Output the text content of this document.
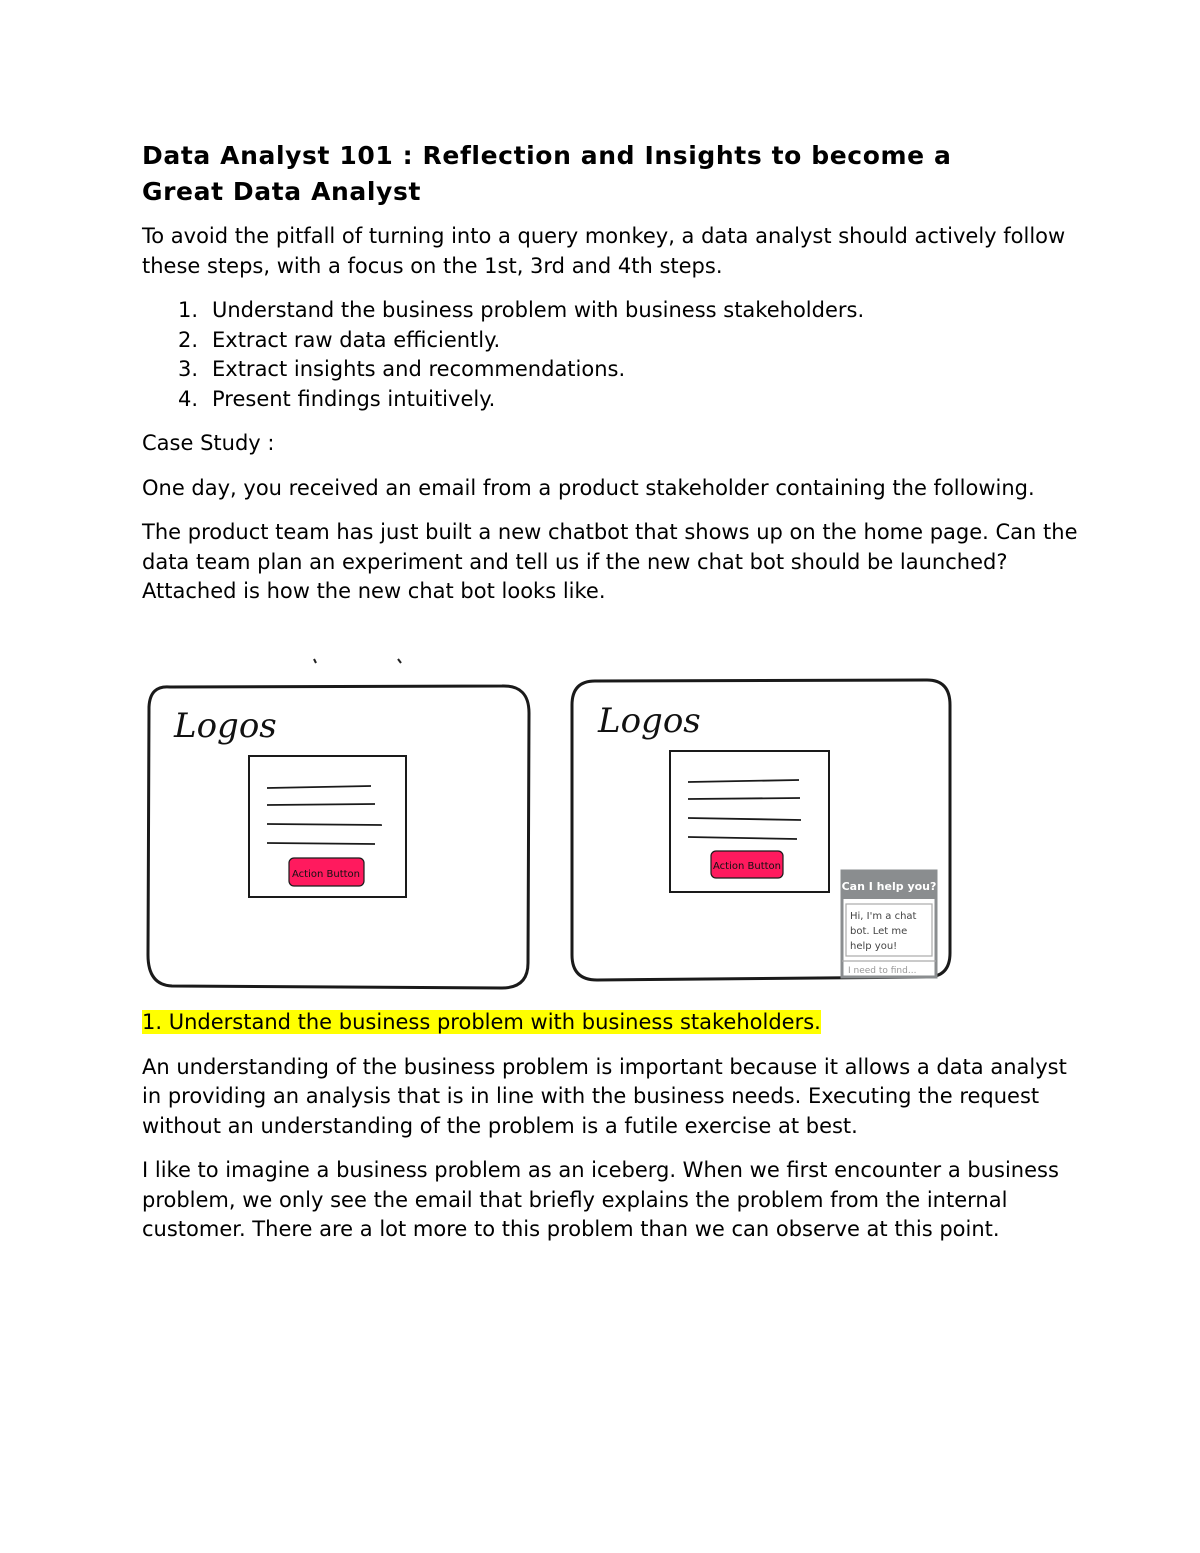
Data Analyst 101 : Reflection and Insights to become a
Great Data Analyst

To avoid the pitfall of turning into a query monkey, a data analyst should actively follow these steps, with a focus on the 1st, 3rd and 4th steps.

1. Understand the business problem with business stakeholders.
2. Extract raw data efficiently.
3. Extract insights and recommendations.
4. Present findings intuitively.

Case Study :

One day, you received an email from a product stakeholder containing the following.

The product team has just built a new chatbot that shows up on the home page. Can the data team plan an experiment and tell us if the new chat bot should be launched? Attached is how the new chat bot looks like.

Logos
Action Button
Logos
Action Button
Can I help you?
Hi, I'm a chat
bot. Let me
help you!
I need to find...

1. Understand the business problem with business stakeholders.

An understanding of the business problem is important because it allows a data analyst in providing an analysis that is in line with the business needs. Executing the request without an understanding of the problem is a futile exercise at best.

I like to imagine a business problem as an iceberg. When we first encounter a business problem, we only see the email that briefly explains the problem from the internal customer. There are a lot more to this problem than we can observe at this point.
